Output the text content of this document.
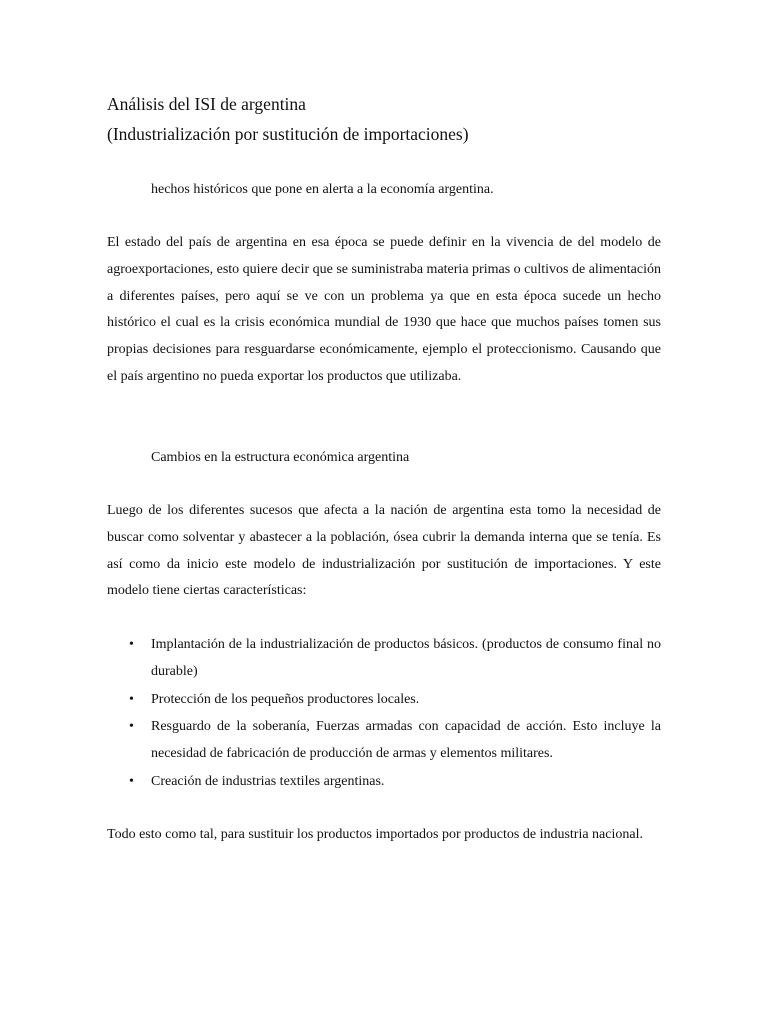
Análisis del ISI de argentina
(Industrialización por sustitución de importaciones)
hechos históricos que pone en alerta a la economía argentina.

El estado del país de argentina en esa época se puede definir en la vivencia de del modelo de agroexportaciones, esto quiere decir que se suministraba materia primas o cultivos de alimentación a diferentes países, pero aquí se ve con un problema ya que en esta época sucede un hecho histórico el cual es la crisis económica mundial de 1930 que hace que muchos países tomen sus propias decisiones para resguardarse económicamente, ejemplo el proteccionismo. Causando que el país argentino no pueda exportar los productos que utilizaba.

Cambios en la estructura económica argentina

Luego de los diferentes sucesos que afecta a la nación de argentina esta tomo la necesidad de buscar como solventar y abastecer a la población, ósea cubrir la demanda interna que se tenía. Es así como da inicio este modelo de industrialización por sustitución de importaciones. Y este modelo tiene ciertas características:

• Implantación de la industrialización de productos básicos. (productos de consumo final no durable)
• Protección de los pequeños productores locales.
• Resguardo de la soberanía, Fuerzas armadas con capacidad de acción. Esto incluye la necesidad de fabricación de producción de armas y elementos militares.
• Creación de industrias textiles argentinas.

Todo esto como tal, para sustituir los productos importados por productos de industria nacional.
